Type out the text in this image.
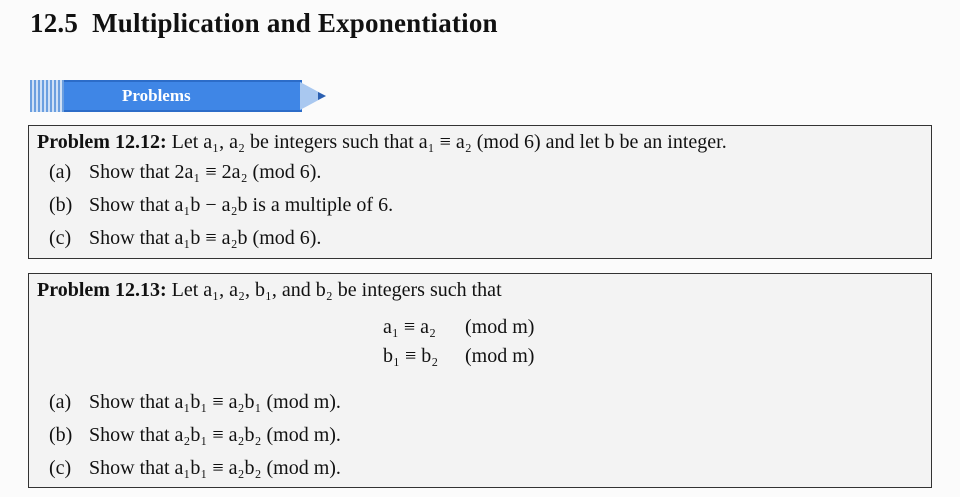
12.5 Multiplication and Exponentiation
Problems
Problem 12.12: Let a₁, a₂ be integers such that a₁ ≡ a₂ (mod 6) and let b be an integer.
(a) Show that 2a₁ ≡ 2a₂ (mod 6).
(b) Show that a₁b − a₂b is a multiple of 6.
(c) Show that a₁b ≡ a₂b (mod 6).
Problem 12.13: Let a₁, a₂, b₁, and b₂ be integers such that
a₁ ≡ a₂ (mod m)
b₁ ≡ b₂ (mod m)
(a) Show that a₁b₁ ≡ a₂b₁ (mod m).
(b) Show that a₂b₁ ≡ a₂b₂ (mod m).
(c) Show that a₁b₁ ≡ a₂b₂ (mod m).
